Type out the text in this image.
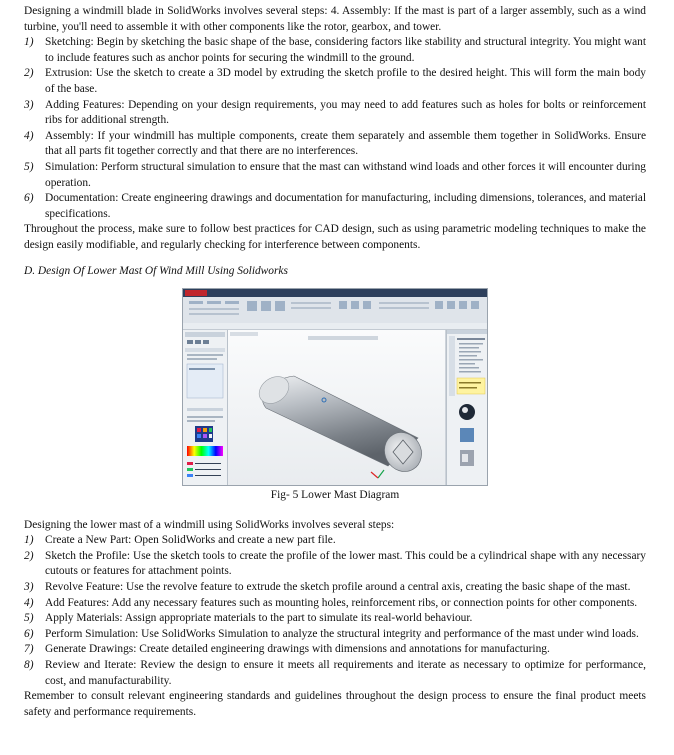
Designing a windmill blade in SolidWorks involves several steps: 4. Assembly: If the mast is part of a larger assembly, such as a wind turbine, you'll need to assemble it with other components like the rotor, gearbox, and tower.

1) Sketching: Begin by sketching the basic shape of the base, considering factors like stability and structural integrity. You might want to include features such as anchor points for securing the windmill to the ground.
2) Extrusion: Use the sketch to create a 3D model by extruding the sketch profile to the desired height. This will form the main body of the base.
3) Adding Features: Depending on your design requirements, you may need to add features such as holes for bolts or reinforcement ribs for additional strength.
4) Assembly: If your windmill has multiple components, create them separately and assemble them together in SolidWorks. Ensure that all parts fit together correctly and that there are no interferences.
5) Simulation: Perform structural simulation to ensure that the mast can withstand wind loads and other forces it will encounter during operation.
6) Documentation: Create engineering drawings and documentation for manufacturing, including dimensions, tolerances, and material specifications.

Throughout the process, make sure to follow best practices for CAD design, such as using parametric modeling techniques to make the design easily modifiable, and regularly checking for interference between components.

D. Design Of Lower Mast Of Wind Mill Using Solidworks
Fig- 5 Lower Mast Diagram

Designing the lower mast of a windmill using SolidWorks involves several steps:

1) Create a New Part: Open SolidWorks and create a new part file.
2) Sketch the Profile: Use the sketch tools to create the profile of the lower mast. This could be a cylindrical shape with any necessary cutouts or features for attachment points.
3) Revolve Feature: Use the revolve feature to extrude the sketch profile around a central axis, creating the basic shape of the mast.
4) Add Features: Add any necessary features such as mounting holes, reinforcement ribs, or connection points for other components.
5) Apply Materials: Assign appropriate materials to the part to simulate its real-world behaviour.
6) Perform Simulation: Use SolidWorks Simulation to analyze the structural integrity and performance of the mast under wind loads.
7) Generate Drawings: Create detailed engineering drawings with dimensions and annotations for manufacturing.
8) Review and Iterate: Review the design to ensure it meets all requirements and iterate as necessary to optimize for performance, cost, and manufacturability.

Remember to consult relevant engineering standards and guidelines throughout the design process to ensure the final product meets safety and performance requirements.
